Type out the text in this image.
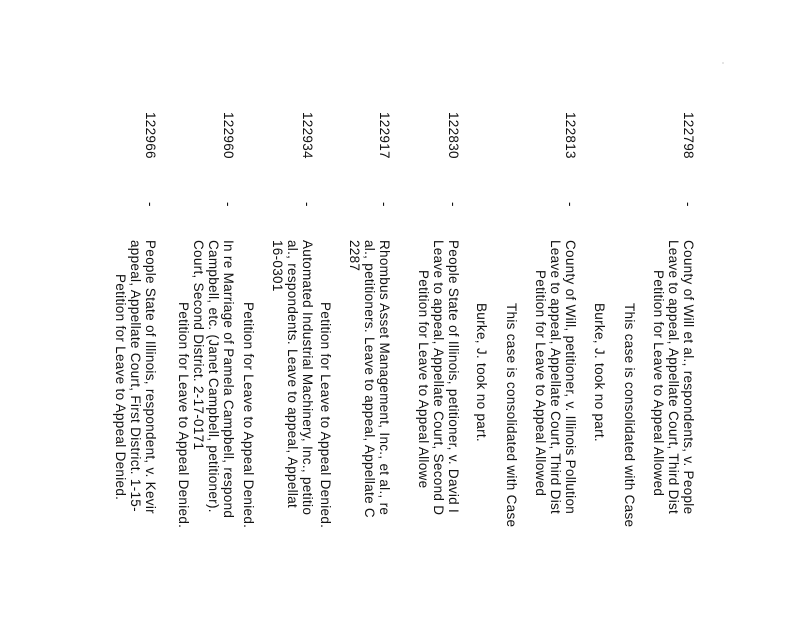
122798
-
County of Will et al., respondents, v. People
Leave to appeal, Appellate Court, Third Dist
Petition for Leave to Appeal Allowed
This case is consolidated with Case
Burke, J. took no part.
122813
-
County of Will, petitioner, v. Illinois Pollution
Leave to appeal, Appellate Court, Third Dist
Petition for Leave to Appeal Allowed
This case is consolidated with Case
Burke, J. took no part.
122830
-
People State of Illinois, petitioner, v. David I
Leave to appeal, Appellate Court, Second D
Petition for Leave to Appeal Allowe
122917
-
Rhombus Asset Management, Inc., et al., re
al., petitioners. Leave to appeal, Appellate C
2287
Petition for Leave to Appeal Denied.
122934
-
Automated Industrial Machinery, Inc., petitio
al., respondents. Leave to appeal, Appellat
16-0301
Petition for Leave to Appeal Denied.
122960
-
In re Marriage of Pamela Campbell, respond
Campbell, etc. (Janet Campbell, petitioner).
Court, Second District. 2-17-0171
Petition for Leave to Appeal Denied.
122966
-
People State of Illinois, respondent, v. Kevir
appeal, Appellate Court, First District. 1-15-
Petition for Leave to Appeal Denied.
